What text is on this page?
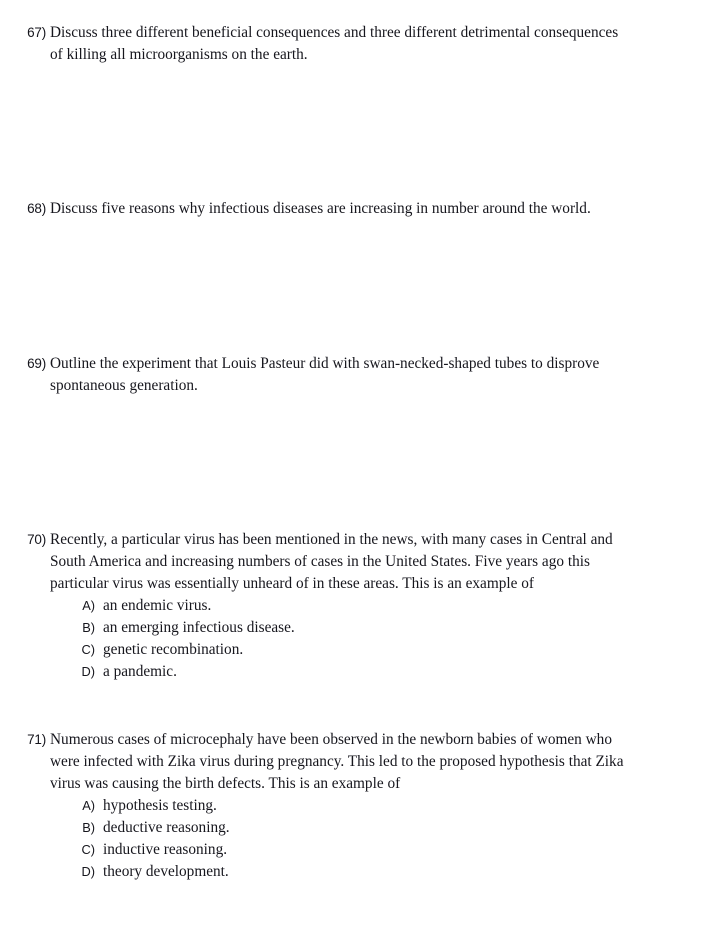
67) Discuss three different beneficial consequences and three different detrimental consequences of killing all microorganisms on the earth.
68) Discuss five reasons why infectious diseases are increasing in number around the world.
69) Outline the experiment that Louis Pasteur did with swan-necked-shaped tubes to disprove spontaneous generation.
70) Recently, a particular virus has been mentioned in the news, with many cases in Central and South America and increasing numbers of cases in the United States. Five years ago this particular virus was essentially unheard of in these areas. This is an example of
A) an endemic virus.
B) an emerging infectious disease.
C) genetic recombination.
D) a pandemic.
71) Numerous cases of microcephaly have been observed in the newborn babies of women who were infected with Zika virus during pregnancy. This led to the proposed hypothesis that Zika virus was causing the birth defects. This is an example of
A) hypothesis testing.
B) deductive reasoning.
C) inductive reasoning.
D) theory development.
